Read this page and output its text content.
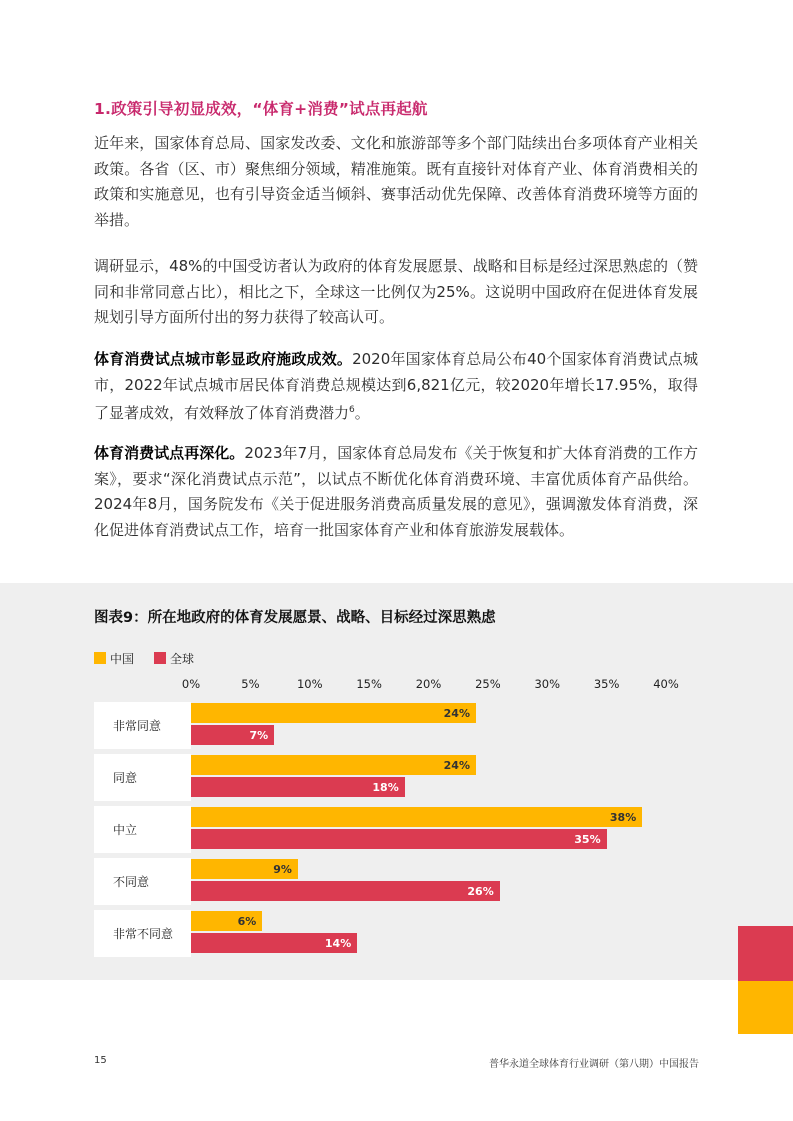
1.政策引导初显成效，“体育+消费”试点再起航

近年来，国家体育总局、国家发改委、文化和旅游部等多个部门陆续出台多项体育产业相关政策。各省（区、市）聚焦细分领域，精准施策。既有直接针对体育产业、体育消费相关的政策和实施意见，也有引导资金适当倾斜、赛事活动优先保障、改善体育消费环境等方面的举措。

调研显示，48%的中国受访者认为政府的体育发展愿景、战略和目标是经过深思熟虑的（赞同和非常同意占比），相比之下，全球这一比例仅为25%。这说明中国政府在促进体育发展规划引导方面所付出的努力获得了较高认可。

体育消费试点城市彰显政府施政成效。2020年国家体育总局公布40个国家体育消费试点城市，2022年试点城市居民体育消费总规模达到6,821亿元，较2020年增长17.95%，取得了显著成效，有效释放了体育消费潜力$^6$。

体育消费试点再深化。2023年7月，国家体育总局发布《关于恢复和扩大体育消费的工作方案》，要求“深化消费试点示范”，以试点不断优化体育消费环境、丰富优质体育产品供给。2024年8月，国务院发布《关于促进服务消费高质量发展的意见》，强调激发体育消费，深化促进体育消费试点工作，培育一批国家体育产业和体育旅游发展载体。

图表9：所在地政府的体育发展愿景、战略、目标经过深思熟虑
中国	全球
0%	5%	10%	15%	20%	25%	30%	35%	40%
非常同意
24%
7%
同意
24%
18%
中立
38%
35%
不同意
9%
26%
非常不同意
6%
14%
15	普华永道全球体育行业调研（第八期）中国报告
